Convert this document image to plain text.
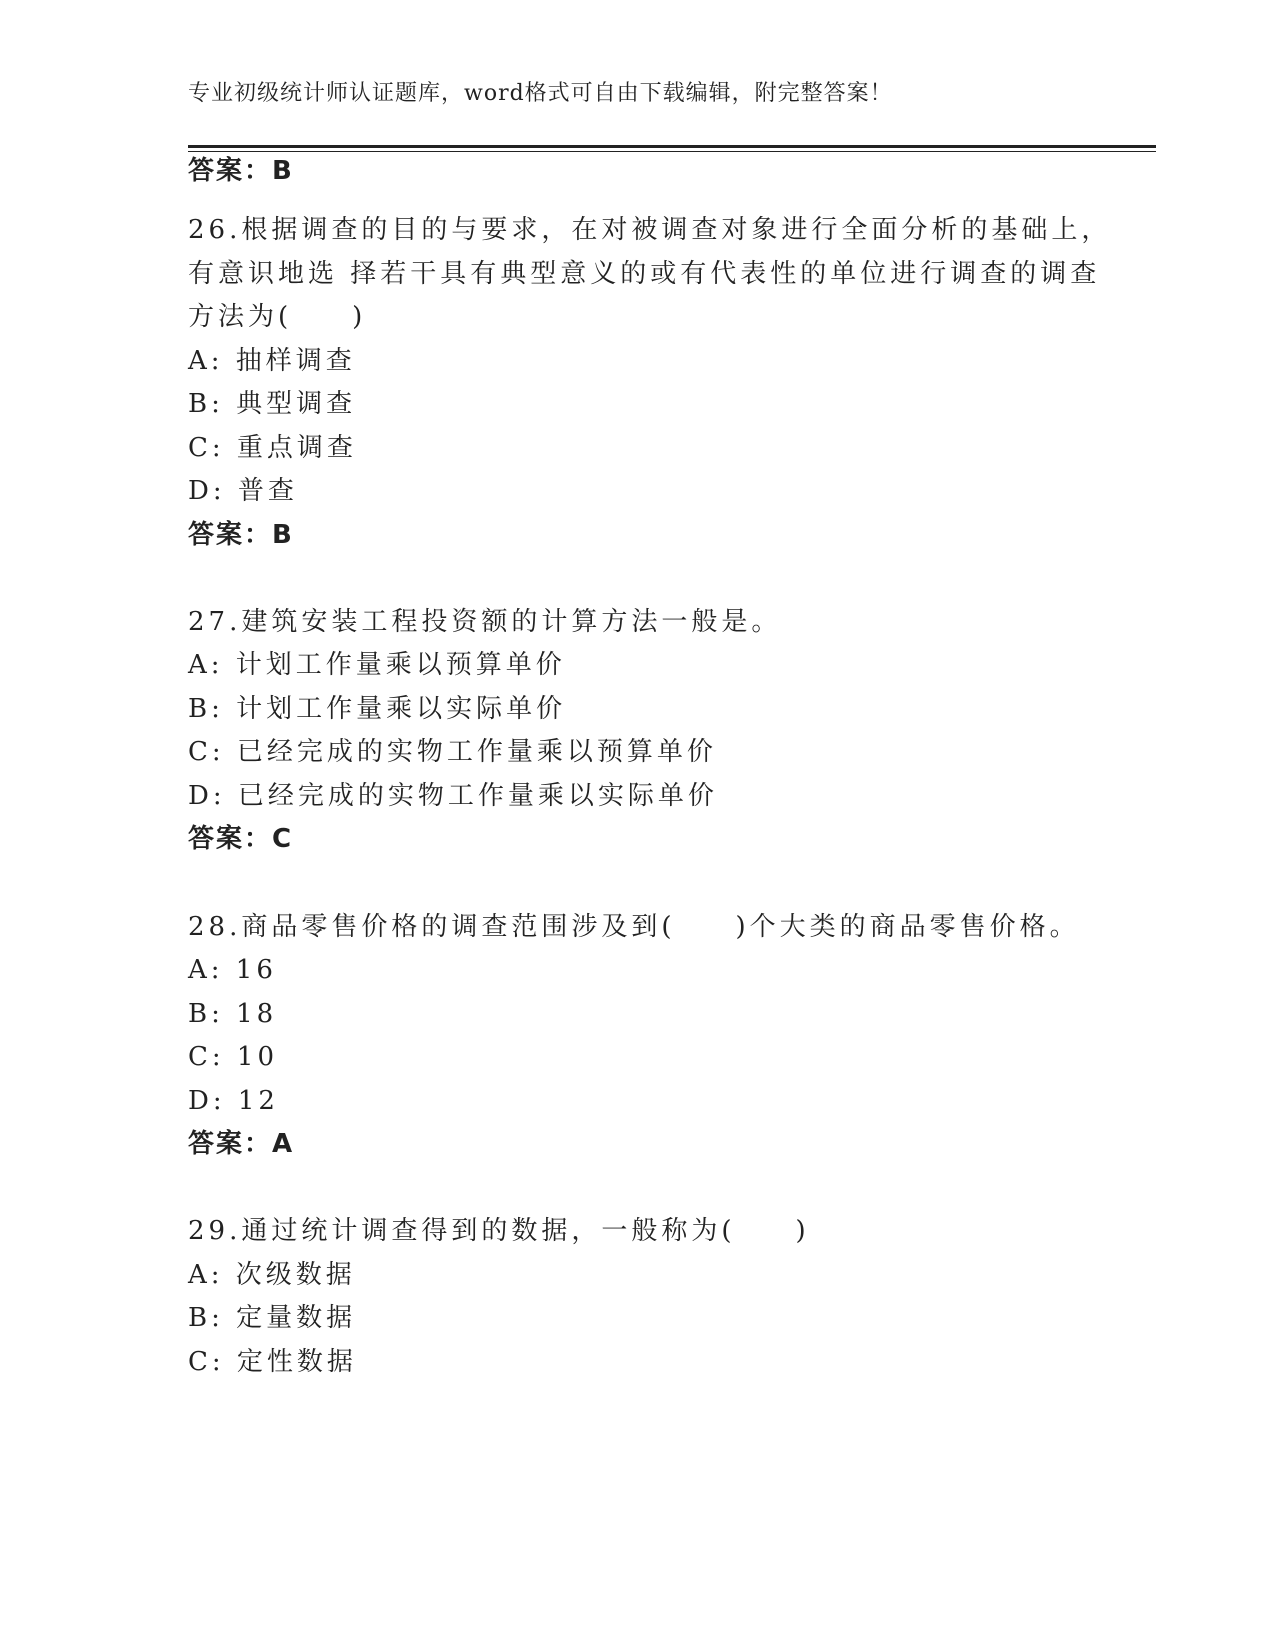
专业初级统计师认证题库，word格式可自由下载编辑，附完整答案！
答案：B
26.根据调查的目的与要求，在对被调查对象进行全面分析的基础上，
有意识地选 择若干具有典型意义的或有代表性的单位进行调查的调查
方法为(　　)
A: 抽样调查
B: 典型调查
C: 重点调查
D: 普查
答案：B
27.建筑安装工程投资额的计算方法一般是。
A: 计划工作量乘以预算单价
B: 计划工作量乘以实际单价
C: 已经完成的实物工作量乘以预算单价
D: 已经完成的实物工作量乘以实际单价
答案：C
28.商品零售价格的调查范围涉及到(　　)个大类的商品零售价格。
A: 16
B: 18
C: 10
D: 12
答案：A
29.通过统计调查得到的数据，一般称为(　　)
A: 次级数据
B: 定量数据
C: 定性数据
